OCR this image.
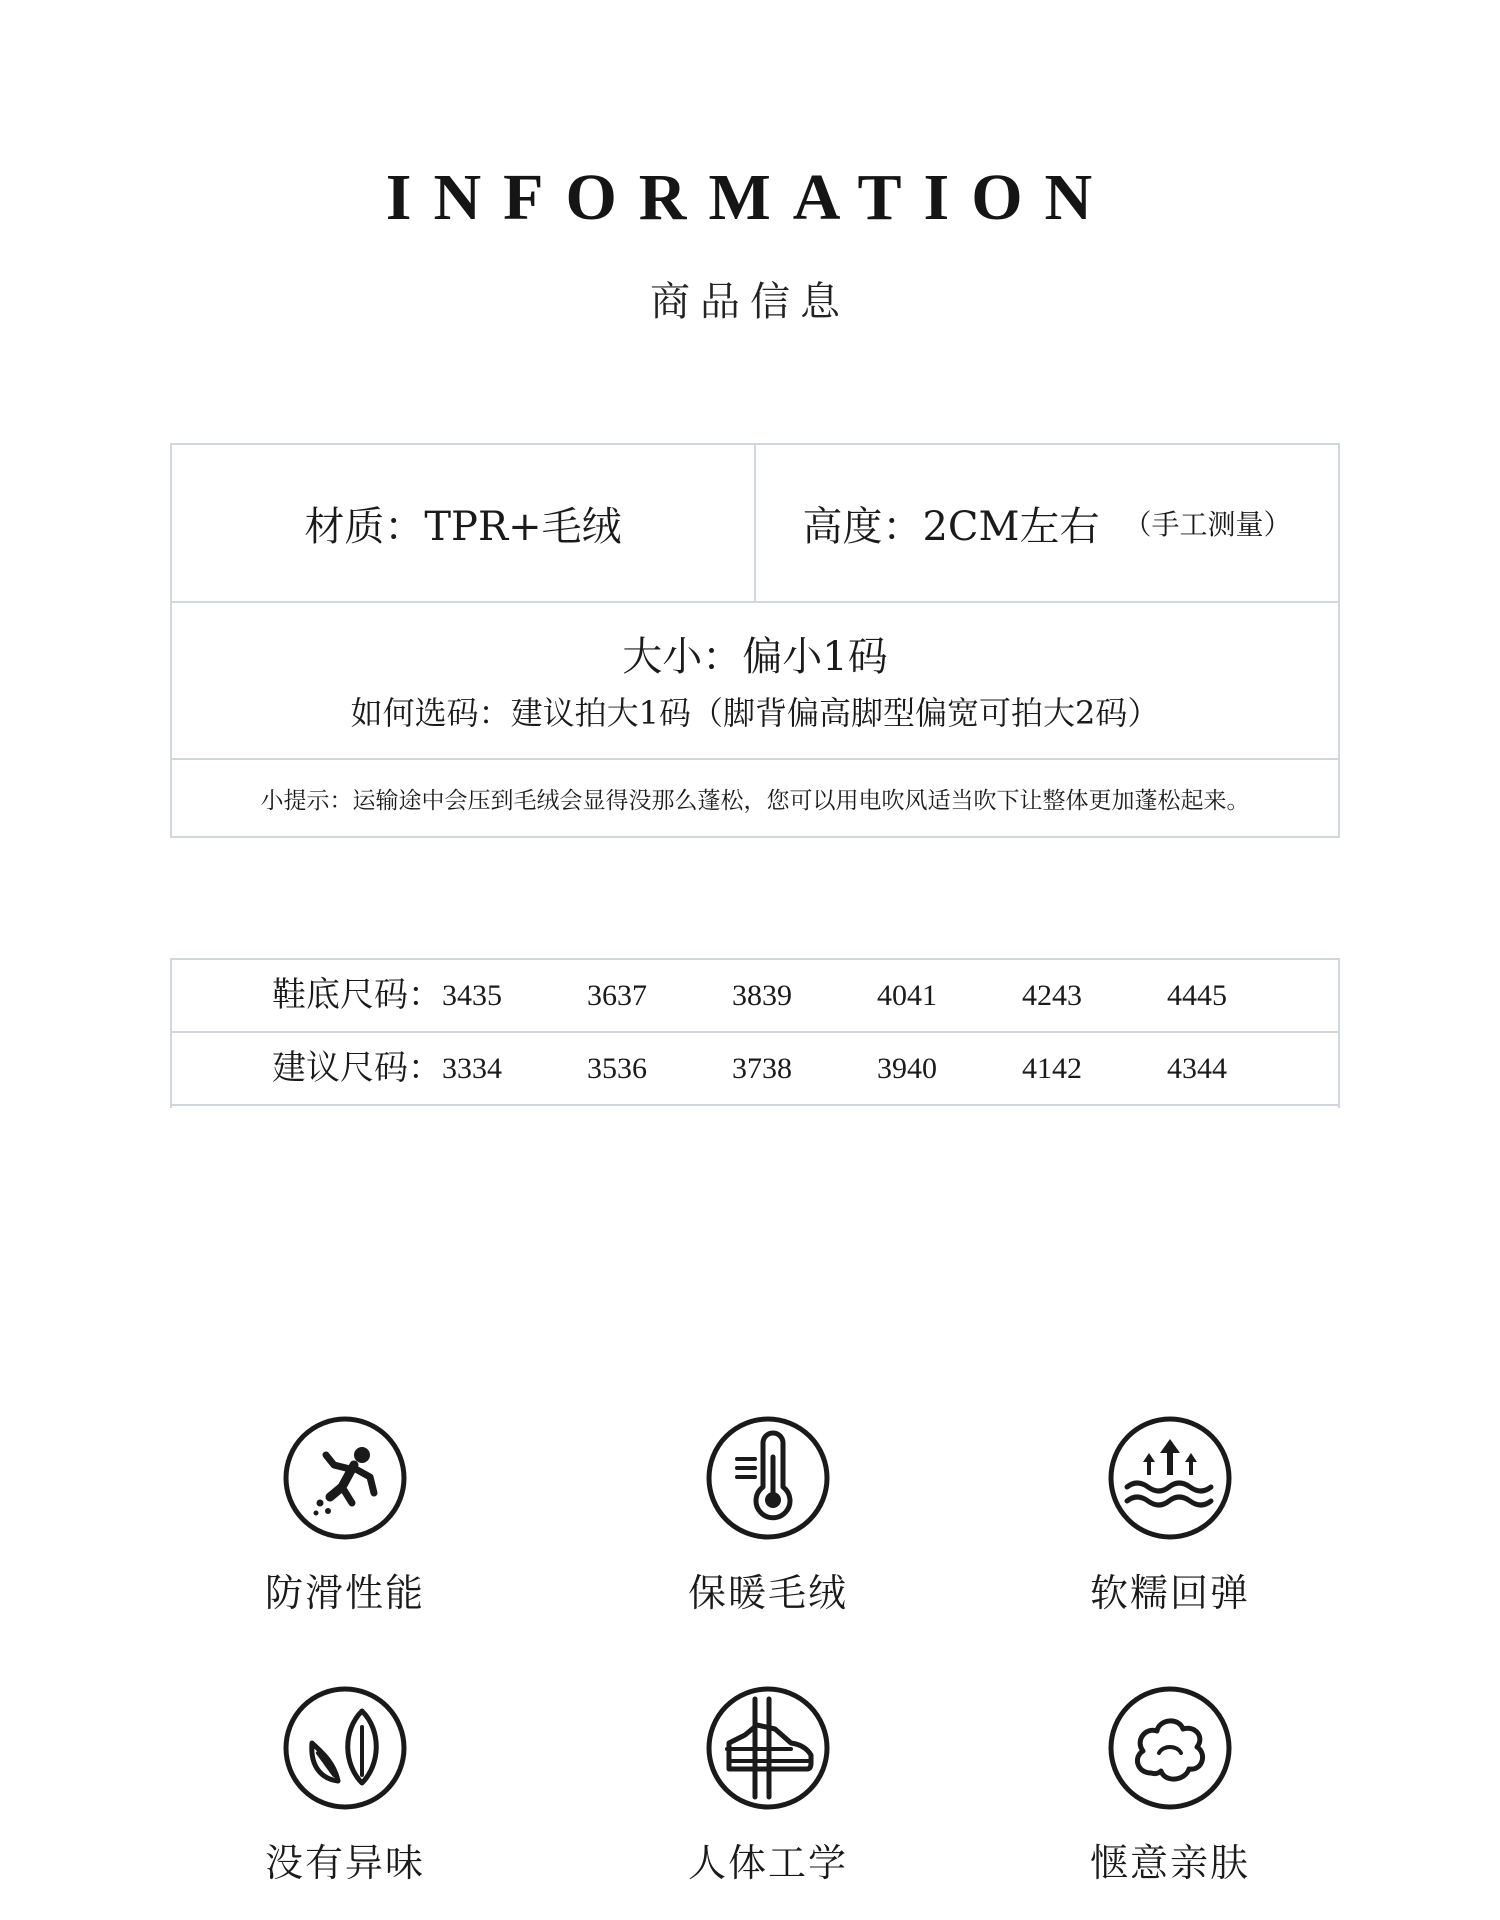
INFORMATION
商品信息
材质：TPR+毛绒	高度：2CM左右 （手工测量）
大小：偏小1码
如何选码：建议拍大1码（脚背偏高脚型偏宽可拍大2码）
小提示：运输途中会压到毛绒会显得没那么蓬松，您可以用电吹风适当吹下让整体更加蓬松起来。
鞋底尺码： 3435	3637	3839	4041	4243	4445
建议尺码： 3334	3536	3738	3940	4142	4344
防滑性能	保暖毛绒	软糯回弹
没有异味	人体工学	惬意亲肤
